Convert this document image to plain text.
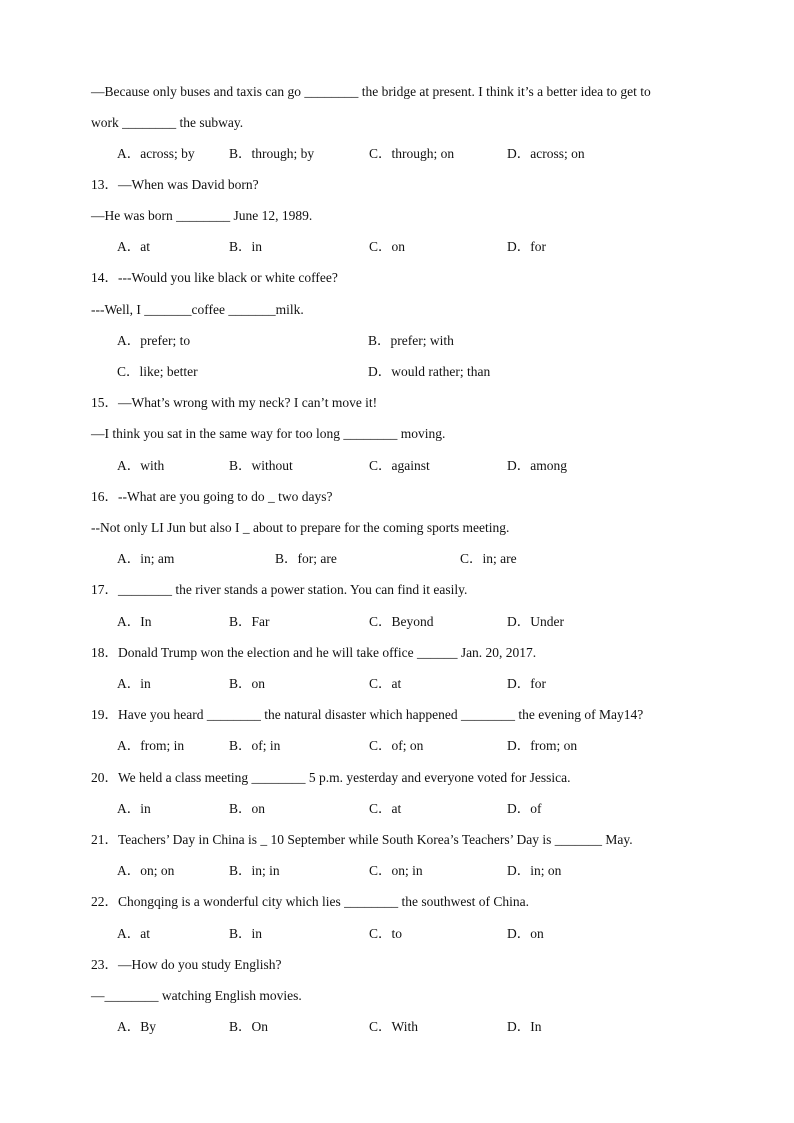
—Because only buses and taxis can go ________ the bridge at present. I think it’s a better idea to get to
work ________ the subway.
A．across; by	B．through; by	C．through; on	D．across; on
13．—When was David born?
—He was born ________ June 12, 1989.
A．at	B．in	C．on	D．for
14．---Would you like black or white coffee?
---Well, I _______coffee _______milk.
A．prefer; to	B．prefer; with
C．like; better	D．would rather; than
15．—What’s wrong with my neck? I can’t move it!
—I think you sat in the same way for too long ________ moving.
A．with	B．without	C．against	D．among
16．--What are you going to do _ two days?
--Not only LI Jun but also I _ about to prepare for the coming sports meeting.
A．in; am	B．for; are	C．in; are
17．________ the river stands a power station. You can find it easily.
A．In	B．Far	C．Beyond	D．Under
18．Donald Trump won the election and he will take office ______ Jan. 20, 2017.
A．in	B．on	C．at	D．for
19．Have you heard ________ the natural disaster which happened ________ the evening of May14?
A．from; in	B．of; in	C．of; on	D．from; on
20．We held a class meeting ________ 5 p.m. yesterday and everyone voted for Jessica.
A．in	B．on	C．at	D．of
21．Teachers’ Day in China is _ 10 September while South Korea’s Teachers’ Day is _______ May.
A．on; on	B．in; in	C．on; in	D．in; on
22．Chongqing is a wonderful city which lies ________ the southwest of China.
A．at	B．in	C．to	D．on
23．—How do you study English?
—________ watching English movies.
A．By	B．On	C．With	D．In
